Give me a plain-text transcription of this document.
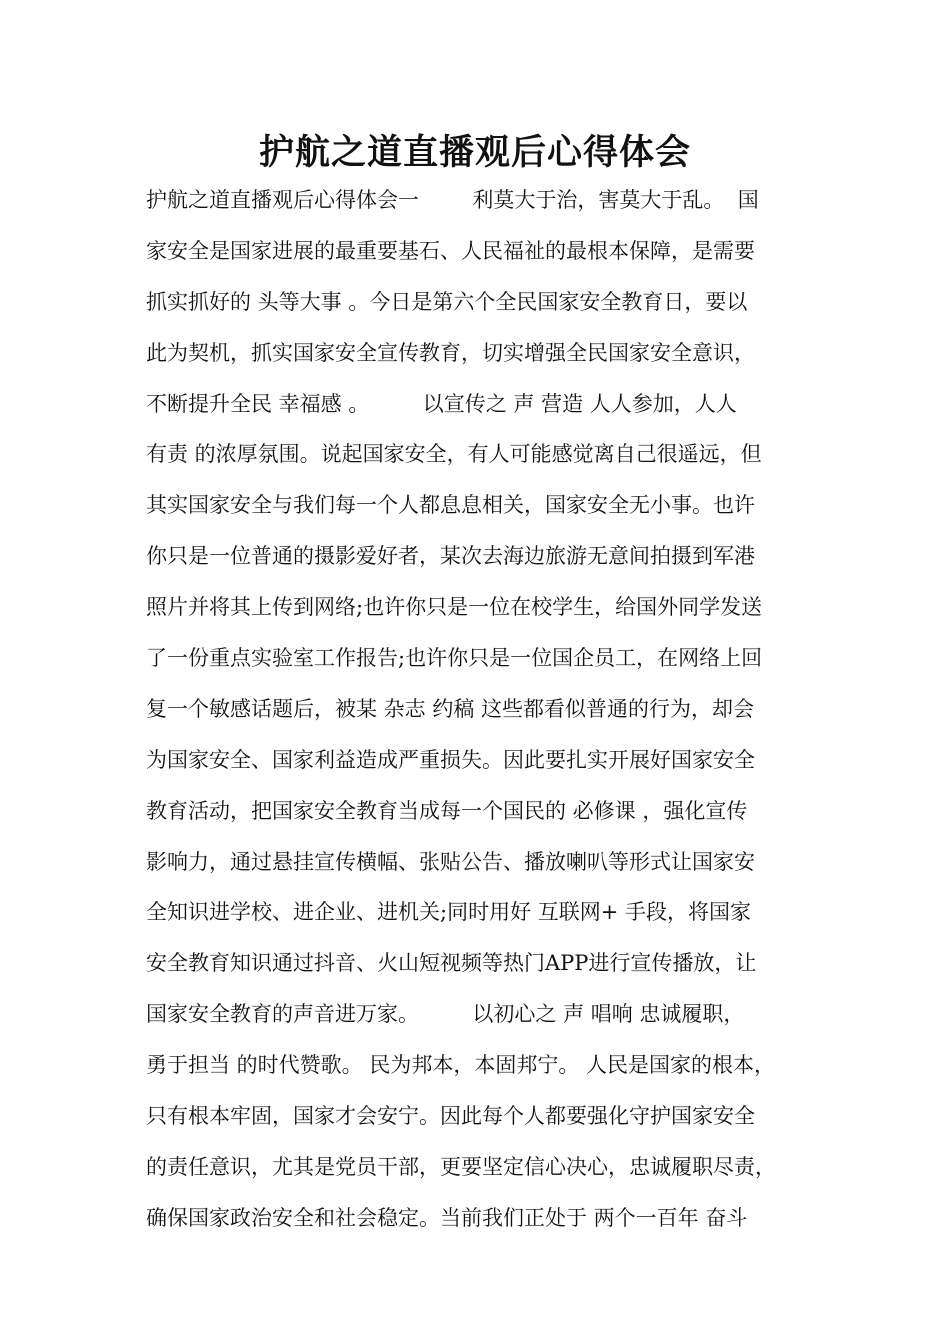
护航之道直播观后心得体会
护航之道直播观后心得体会一        利莫大于治，害莫大于乱。  国
家安全是国家进展的最重要基石、人民福祉的最根本保障，是需要
抓实抓好的 头等大事 。今日是第六个全民国家安全教育日，要以
此为契机，抓实国家安全宣传教育，切实增强全民国家安全意识，
不断提升全民 幸福感 。        以宣传之 声 营造 人人参加，人人
有责 的浓厚氛围。说起国家安全，有人可能感觉离自己很遥远，但
其实国家安全与我们每一个人都息息相关，国家安全无小事。也许
你只是一位普通的摄影爱好者，某次去海边旅游无意间拍摄到军港
照片并将其上传到网络;也许你只是一位在校学生，给国外同学发送
了一份重点实验室工作报告;也许你只是一位国企员工，在网络上回
复一个敏感话题后，被某 杂志 约稿 这些都看似普通的行为，却会
为国家安全、国家利益造成严重损失。因此要扎实开展好国家安全
教育活动，把国家安全教育当成每一个国民的 必修课 ，强化宣传
影响力，通过悬挂宣传横幅、张贴公告、播放喇叭等形式让国家安
全知识进学校、进企业、进机关;同时用好 互联网+ 手段，将国家
安全教育知识通过抖音、火山短视频等热门APP进行宣传播放，让
国家安全教育的声音进万家。        以初心之 声 唱响 忠诚履职，
勇于担当 的时代赞歌。 民为邦本，本固邦宁。 人民是国家的根本，
只有根本牢固，国家才会安宁。因此每个人都要强化守护国家安全
的责任意识，尤其是党员干部，更要坚定信心决心，忠诚履职尽责，
确保国家政治安全和社会稳定。当前我们正处于 两个一百年 奋斗
